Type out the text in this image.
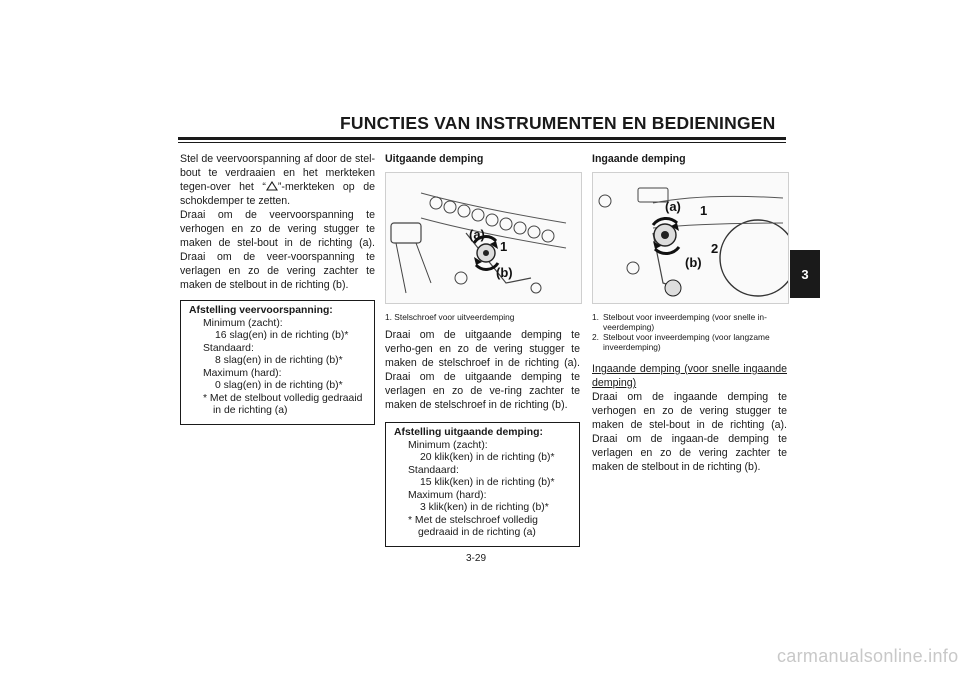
FUNCTIES VAN INSTRUMENTEN EN BEDIENINGEN
3

Stel de veervoorspanning af door de stel-bout te verdraaien en het merkteken tegen-over het “ ”-merkteken op de schokdemper te zetten.

Draai om de veervoorspanning te verhogen en zo de vering stugger te maken de stel-bout in de richting (a). Draai om de veer-voorspanning te verlagen en zo de vering zachter te maken de stelbout in de richting (b).

Afstelling veervoorspanning:
Minimum (zacht):
16 slag(en) in de richting (b)*
Standaard:
8 slag(en) in de richting (b)*
Maximum (hard):
0 slag(en) in de richting (b)*
* Met de stelbout volledig gedraaid in de richting (a)
Uitgaande demping
(a)
1
(b)
1. Stelschroef voor uitveerdemping

Draai om de uitgaande demping te verho-gen en zo de vering stugger te maken de stelschroef in de richting (a). Draai om de uitgaande demping te verlagen en zo de ve-ring zachter te maken de stelschroef in de richting (b).

Afstelling uitgaande demping:
Minimum (zacht):
20 klik(ken) in de richting (b)*
Standaard:
15 klik(ken) in de richting (b)*
Maximum (hard):
3 klik(ken) in de richting (b)*
* Met de stelschroef volledig gedraaid in de richting (a)
Ingaande demping
(a) 1
2
(b)
1. Stelbout voor inveerdemping (voor snelle in-veerdemping)
2. Stelbout voor inveerdemping (voor langzame inveerdemping)

Ingaande demping (voor snelle ingaande demping)

Draai om de ingaande demping te verhogen en zo de vering stugger te maken de stel-bout in de richting (a). Draai om de ingaan-de demping te verlagen en zo de vering zachter te maken de stelbout in de richting (b).

3-29
carmanualsonline.info
